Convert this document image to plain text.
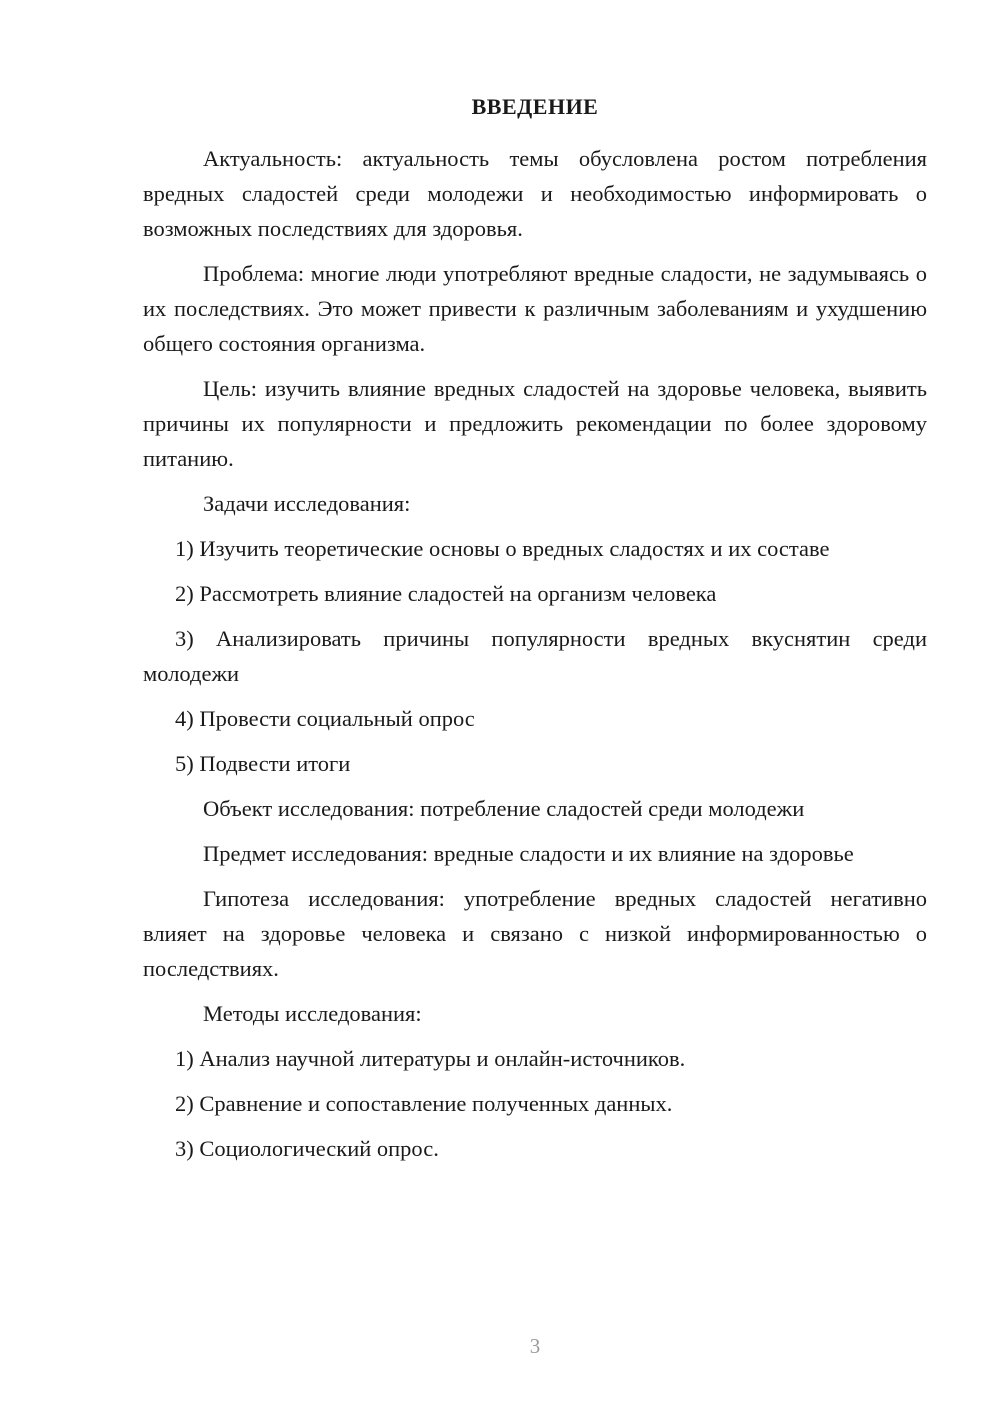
ВВЕДЕНИЕ
Актуальность: актуальность темы обусловлена ростом потребления вредных сладостей среди молодежи и необходимостью информировать о возможных последствиях для здоровья.
Проблема: многие люди употребляют вредные сладости, не задумываясь о их последствиях. Это может привести к различным заболеваниям и ухудшению общего состояния организма.
Цель: изучить влияние вредных сладостей на здоровье человека, выявить причины их популярности и предложить рекомендации по более здоровому питанию.
Задачи исследования:
1) Изучить теоретические основы о вредных сладостях и их составе
2) Рассмотреть влияние сладостей на организм человека
3) Анализировать причины популярности вредных вкуснятин среди молодежи
4) Провести социальный опрос
5) Подвести итоги
Объект исследования: потребление сладостей среди молодежи
Предмет исследования: вредные сладости и их влияние на здоровье
Гипотеза исследования: употребление вредных сладостей негативно влияет на здоровье человека и связано с низкой информированностью о последствиях.
Методы исследования:
1) Анализ научной литературы и онлайн-источников.
2) Сравнение и сопоставление полученных данных.
3) Социологический опрос.
3
